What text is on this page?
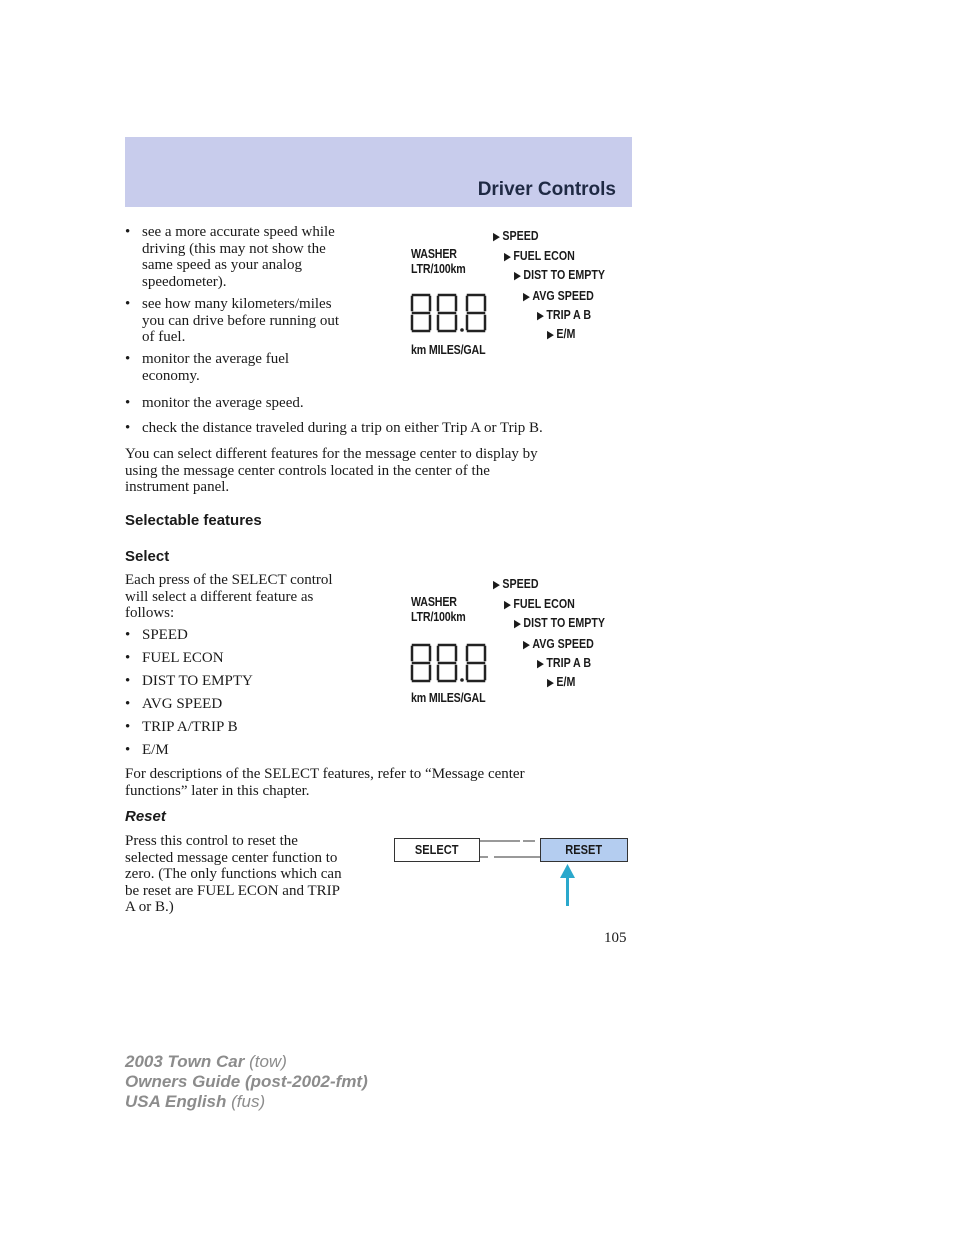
Driver Controls
• see a more accurate speed while
driving (this may not show the
same speed as your analog
speedometer).
• see how many kilometers/miles
you can drive before running out
of fuel.
• monitor the average fuel
economy.
• monitor the average speed.
• check the distance traveled during a trip on either Trip A or Trip B.
You can select different features for the message center to display by
using the message center controls located in the center of the
instrument panel.
Selectable features
Select
Each press of the SELECT control
will select a different feature as
follows:
• SPEED
• FUEL ECON
• DIST TO EMPTY
• AVG SPEED
• TRIP A/TRIP B
• E/M
For descriptions of the SELECT features, refer to “Message center
functions” later in this chapter.
Reset
Press this control to reset the
selected message center function to
zero. (The only functions which can
be reset are FUEL ECON and TRIP
A or B.)
WASHER
LTR/100km
km MILES/GAL
▶ SPEED
▶ FUEL ECON
▶ DIST TO EMPTY
▶ AVG SPEED
▶ TRIP A B
▶ E/M
WASHER
LTR/100km
km MILES/GAL
▶ SPEED
▶ FUEL ECON
▶ DIST TO EMPTY
▶ AVG SPEED
▶ TRIP A B
▶ E/M
SELECT	RESET
105
2003 Town Car (tow)
Owners Guide (post-2002-fmt)
USA English (fus)
